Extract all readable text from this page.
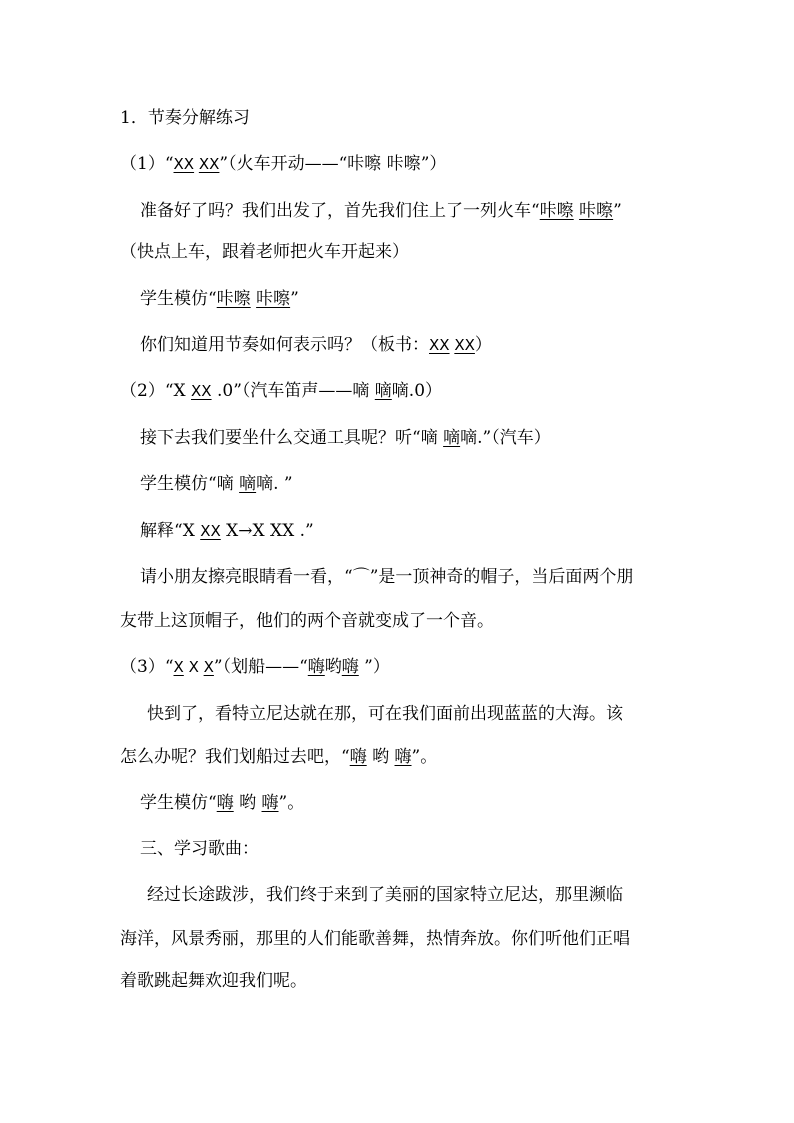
1．节奏分解练习
（1）“XX XX”（火车开动——“咔嚓 咔嚓”）
准备好了吗？我们出发了，首先我们住上了一列火车“咔嚓 咔嚓”
（快点上车，跟着老师把火车开起来）
学生模仿“咔嚓 咔嚓”
你们知道用节奏如何表示吗？（板书：XX XX）
（2）“X XX .0”（汽车笛声——嘀 嘀嘀.0）
接下去我们要坐什么交通工具呢？听“嘀 嘀嘀.”（汽车）
学生模仿“嘀 嘀嘀. ”
解释“X XX X→X XX .”
请小朋友擦亮眼睛看一看，“⌒”是一顶神奇的帽子，当后面两个朋
友带上这顶帽子，他们的两个音就变成了一个音。
（3）“X X X”（划船——“嗨哟嗨 ”）
快到了，看特立尼达就在那，可在我们面前出现蓝蓝的大海。该
怎么办呢？我们划船过去吧，“嗨 哟 嗨”。
学生模仿“嗨 哟 嗨”。
三、学习歌曲：
经过长途跋涉，我们终于来到了美丽的国家特立尼达，那里濒临
海洋，风景秀丽，那里的人们能歌善舞，热情奔放。你们听他们正唱
着歌跳起舞欢迎我们呢。
